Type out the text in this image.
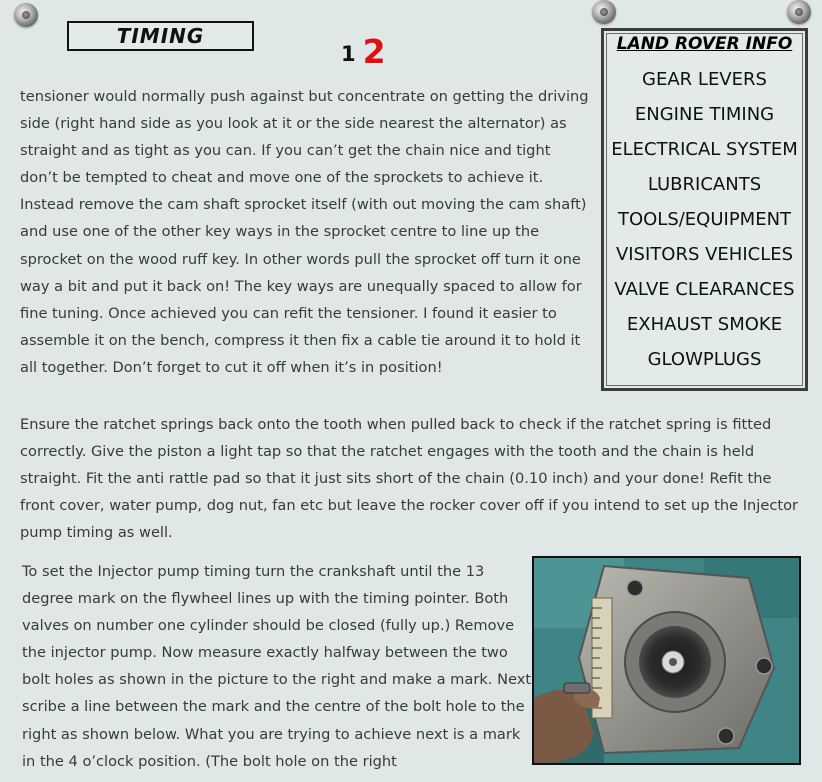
TIMING
1 2	LAND ROVER INFO
GEAR LEVERS
ENGINE TIMING
ELECTRICAL SYSTEM
LUBRICANTS
TOOLS/EQUIPMENT
VISITORS VEHICLES
VALVE CLEARANCES
EXHAUST SMOKE
GLOWPLUGS

tensioner would normally push against but concentrate on getting the driving side (right hand side as you look at it or the side nearest the alternator) as straight and as tight as you can. If you can’t get the chain nice and tight don’t be tempted to cheat and move one of the sprockets to achieve it. Instead remove the cam shaft sprocket itself (with out moving the cam shaft) and use one of the other key ways in the sprocket centre to line up the sprocket on the wood ruff key. In other words pull the sprocket off turn it one way a bit and put it back on! The key ways are unequally spaced to allow for fine tuning. Once achieved you can refit the tensioner. I found it easier to assemble it on the bench, compress it then fix a cable tie around it to hold it all together. Don’t forget to cut it off when it’s in position!

Ensure the ratchet springs back onto the tooth when pulled back to check if the ratchet spring is fitted correctly. Give the piston a light tap so that the ratchet engages with the tooth and the chain is held straight. Fit the anti rattle pad so that it just sits short of the chain (0.10 inch) and your done! Refit the front cover, water pump, dog nut, fan etc but leave the rocker cover off if you intend to set up the Injector pump timing as well.

To set the Injector pump timing turn the crankshaft until the 13 degree mark on the flywheel lines up with the timing pointer. Both valves on number one cylinder should be closed (fully up.) Remove the injector pump. Now measure exactly halfway between the two bolt holes as shown in the picture to the right and make a mark. Next scribe a line between the mark and the centre of the bolt hole to the right as shown below. What you are trying to achieve next is a mark in the 4 o’clock position. (The bolt hole on the right
